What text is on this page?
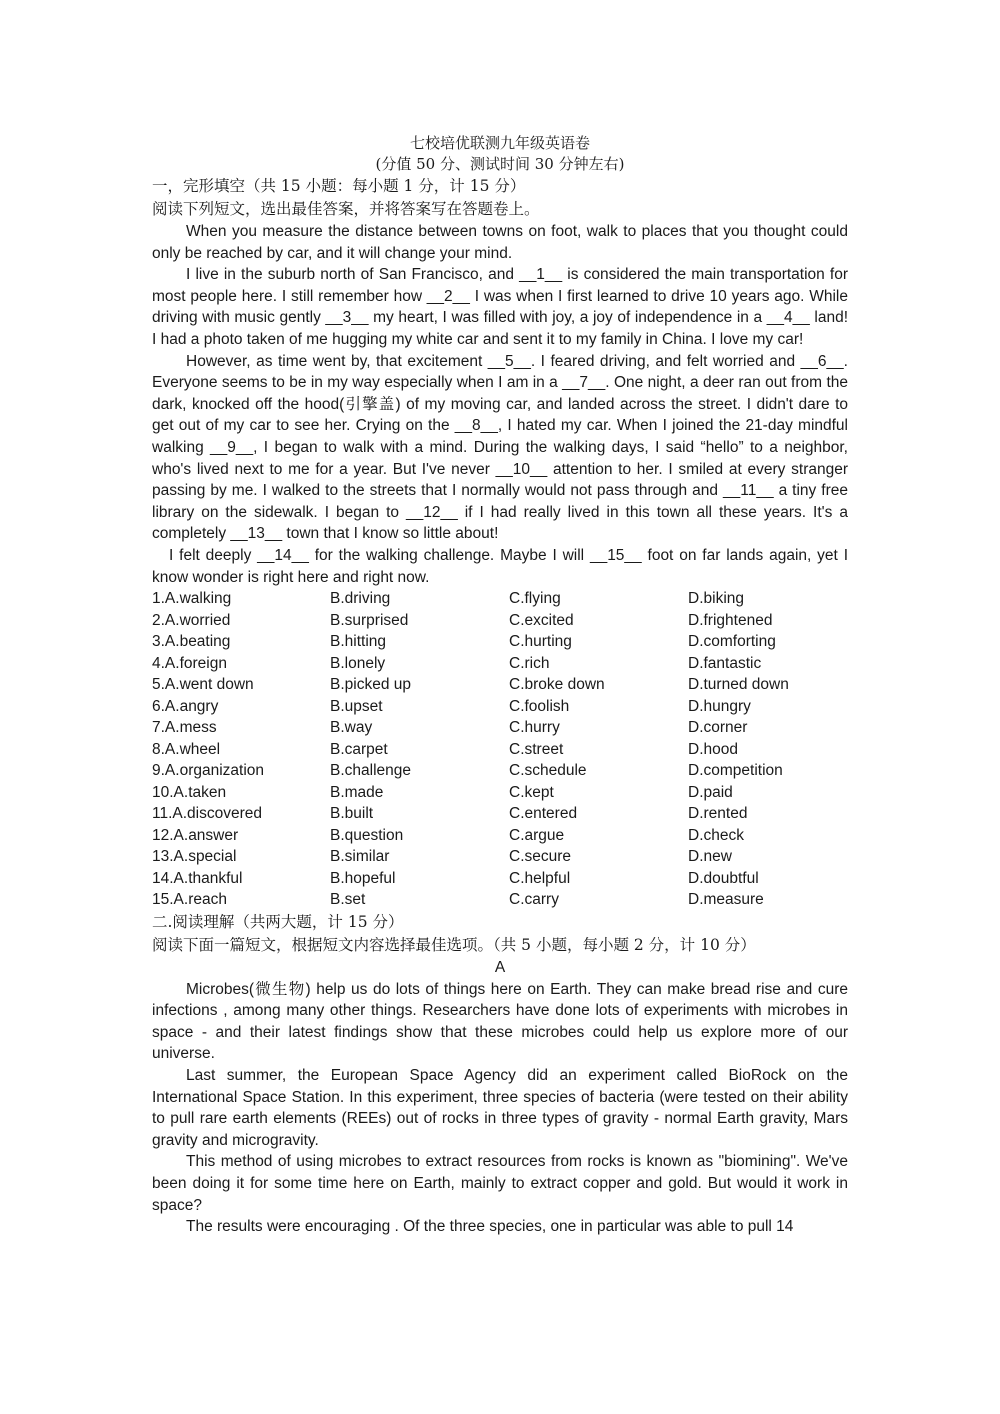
七校培优联测九年级英语卷
(分值 50 分、测试时间 30 分钟左右)
一，完形填空（共 15 小题：每小题 1 分，计 15 分）
阅读下列短文，选出最佳答案，并将答案写在答题卷上。

When you measure the distance between towns on foot, walk to places that you thought could only be reached by car, and it will change your mind.

I live in the suburb north of San Francisco, and __1__ is considered the main transportation for most people here. I still remember how __2__ I was when I first learned to drive 10 years ago. While driving with music gently __3__ my heart, I was filled with joy, a joy of independence in a __4__ land! I had a photo taken of me hugging my white car and sent it to my family in China. I love my car!

However, as time went by, that excitement __5__. I feared driving, and felt worried and __6__. Everyone seems to be in my way especially when I am in a __7__. One night, a deer ran out from the dark, knocked off the hood(引擎盖) of my moving car, and landed across the street. I didn't dare to get out of my car to see her. Crying on the __8__, I hated my car. When I joined the 21-day mindful walking __9__, I began to walk with a mind. During the walking days, I said “hello” to a neighbor, who's lived next to me for a year. But I've never __10__ attention to her. I smiled at every stranger passing by me. I walked to the streets that I normally would not pass through and __11__ a tiny free library on the sidewalk. I began to __12__ if I had really lived in this town all these years. It's a completely __13__ town that I know so little about!

I felt deeply __14__ for the walking challenge. Maybe I will __15__ foot on far lands again, yet I know wonder is right here and right now.

1.A.walking	B.driving	C.flying	D.biking
2.A.worried	B.surprised	C.excited	D.frightened
3.A.beating	B.hitting	C.hurting	D.comforting
4.A.foreign	B.lonely	C.rich	D.fantastic
5.A.went down	B.picked up	C.broke down	D.turned down
6.A.angry	B.upset	C.foolish	D.hungry
7.A.mess	B.way	C.hurry	D.corner
8.A.wheel	B.carpet	C.street	D.hood
9.A.organization	B.challenge	C.schedule	D.competition
10.A.taken	B.made	C.kept	D.paid
11.A.discovered	B.built	C.entered	D.rented
12.A.answer	B.question	C.argue	D.check
13.A.special	B.similar	C.secure	D.new
14.A.thankful	B.hopeful	C.helpful	D.doubtful
15.A.reach	B.set	C.carry	D.measure
二.阅读理解（共两大题，计 15 分）
阅读下面一篇短文，根据短文内容选择最佳选项。（共 5 小题，每小题 2 分，计 10 分）
A

Microbes(微生物) help us do lots of things here on Earth. They can make bread rise and cure infections , among many other things. Researchers have done lots of experiments with microbes in space - and their latest findings show that these microbes could help us explore more of our universe.

Last summer, the European Space Agency did an experiment called BioRock on the International Space Station. In this experiment, three species of bacteria (were tested on their ability to pull rare earth elements (REEs) out of rocks in three types of gravity - normal Earth gravity, Mars gravity and microgravity.

This method of using microbes to extract resources from rocks is known as "biomining". We've been doing it for some time here on Earth, mainly to extract copper and gold. But would it work in space?

The results were encouraging . Of the three species, one in particular was able to pull 14
